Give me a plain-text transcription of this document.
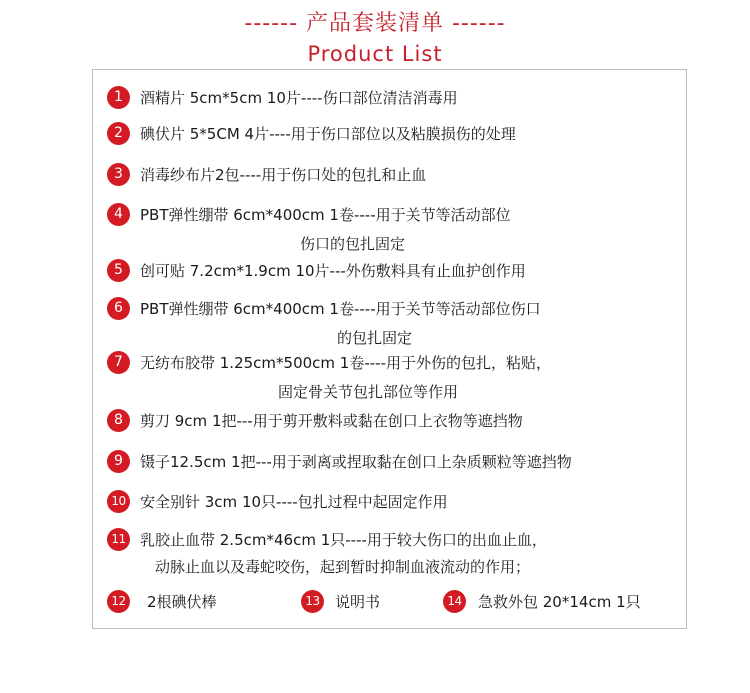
------ 产品套装清单 ------
Product List
1	酒精片 5cm*5cm 10片----伤口部位清洁消毒用
2	碘伏片 5*5CM 4片----用于伤口部位以及粘膜损伤的处理
3	消毒纱布片2包----用于伤口处的包扎和止血
4	PBT弹性绷带 6cm*400cm 1卷----用于关节等活动部位
伤口的包扎固定
5	创可贴 7.2cm*1.9cm 10片---外伤敷料具有止血护创作用
6	PBT弹性绷带 6cm*400cm 1卷----用于关节等活动部位伤口
的包扎固定
7	无纺布胶带 1.25cm*500cm 1卷----用于外伤的包扎，粘贴，
固定骨关节包扎部位等作用
8	剪刀 9cm 1把---用于剪开敷料或黏在创口上衣物等遮挡物
9	镊子12.5cm 1把---用于剥离或捏取黏在创口上杂质颗粒等遮挡物
10 安全别针 3cm 10只----包扎过程中起固定作用
11 乳胶止血带 2.5cm*46cm 1只----用于较大伤口的出血止血，
动脉止血以及毒蛇咬伤，起到暂时抑制血液流动的作用；
12 2根碘伏棒	13 说明书	14 急救外包 20*14cm 1只
